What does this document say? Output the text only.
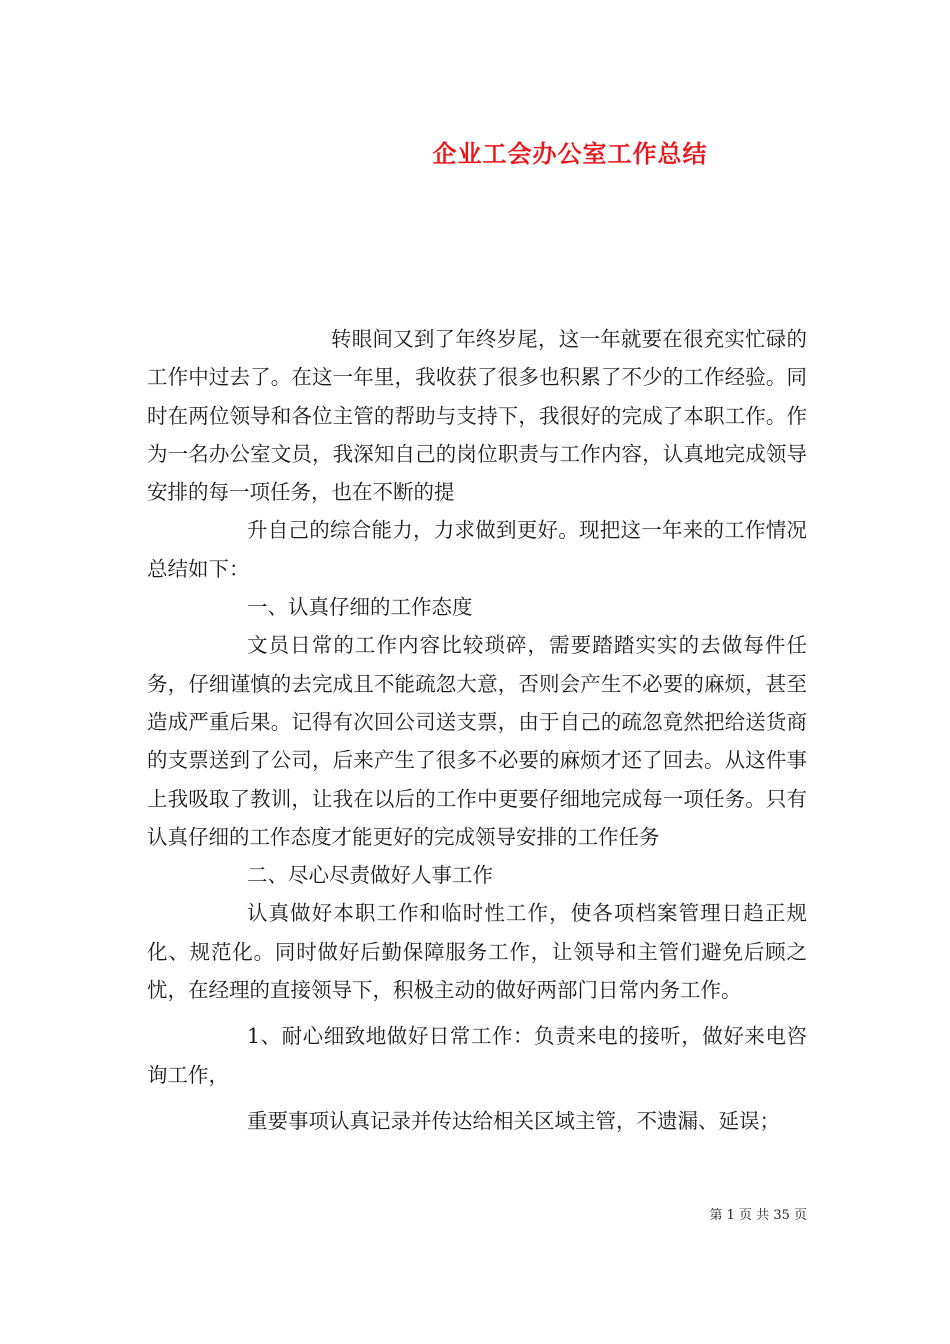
企业工会办公室工作总结

转眼间又到了年终岁尾，这一年就要在很充实忙碌的工作中过去了。在这一年里，我收获了很多也积累了不少的工作经验。同时在两位领导和各位主管的帮助与支持下，我很好的完成了本职工作。作为一名办公室文员，我深知自己的岗位职责与工作内容，认真地完成领导安排的每一项任务，也在不断的提

升自己的综合能力，力求做到更好。现把这一年来的工作情况总结如下：

一、认真仔细的工作态度

文员日常的工作内容比较琐碎，需要踏踏实实的去做每件任务，仔细谨慎的去完成且不能疏忽大意，否则会产生不必要的麻烦，甚至造成严重后果。记得有次回公司送支票，由于自己的疏忽竟然把给送货商的支票送到了公司，后来产生了很多不必要的麻烦才还了回去。从这件事上我吸取了教训，让我在以后的工作中更要仔细地完成每一项任务。只有认真仔细的工作态度才能更好的完成领导安排的工作任务

二、尽心尽责做好人事工作

认真做好本职工作和临时性工作，使各项档案管理日趋正规化、规范化。同时做好后勤保障服务工作，让领导和主管们避免后顾之忧，在经理的直接领导下，积极主动的做好两部门日常内务工作。

1、耐心细致地做好日常工作：负责来电的接听，做好来电咨询工作，

重要事项认真记录并传达给相关区域主管，不遗漏、延误；

第 1 页 共 35 页
